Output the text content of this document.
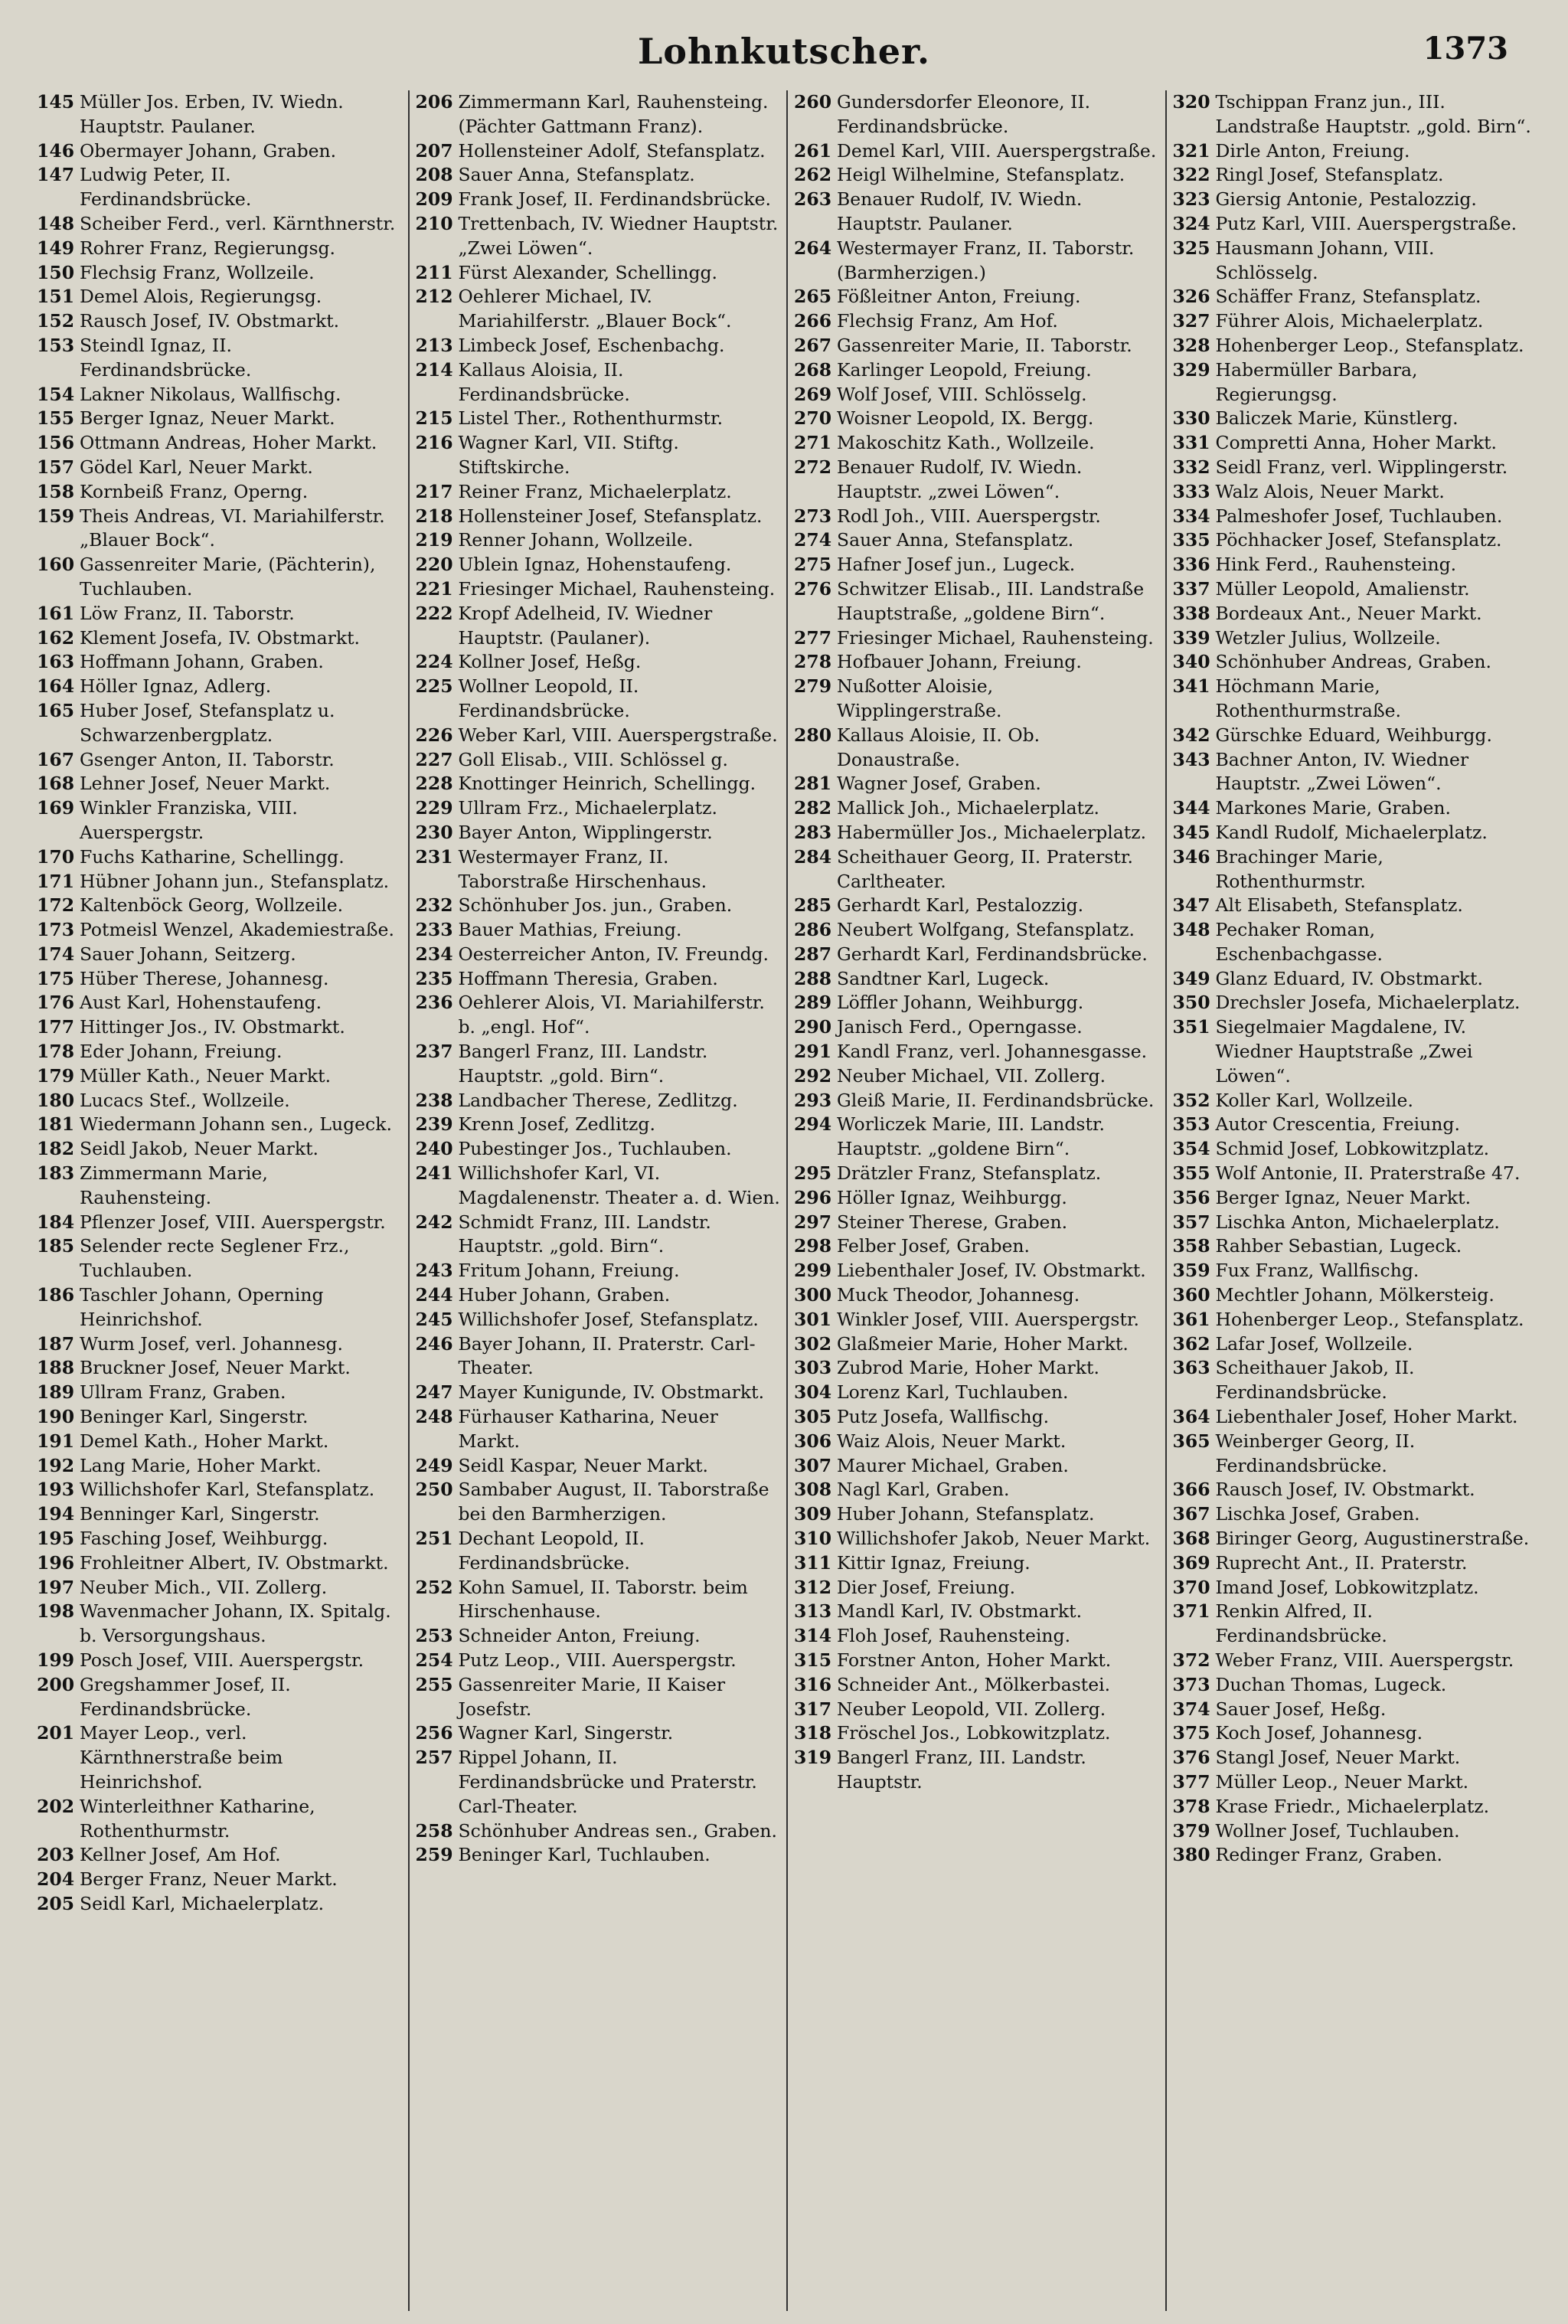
Lohnkutscher.	1373
145 Müller Jos. Erben, IV. Wiedn. Hauptstr. Paulaner.
146 Obermayer Johann, Graben.
147 Ludwig Peter, II. Ferdinandsbrücke.
148 Scheiber Ferd., verl. Kärnthnerstr.
149 Rohrer Franz, Regierungsg.
150 Flechsig Franz, Wollzeile.
151 Demel Alois, Regierungsg.
152 Rausch Josef, IV. Obstmarkt.
153 Steindl Ignaz, II. Ferdinandsbrücke.
154 Lakner Nikolaus, Wallfischg.
155 Berger Ignaz, Neuer Markt.
156 Ottmann Andreas, Hoher Markt.
157 Gödel Karl, Neuer Markt.
158 Kornbeiß Franz, Operng.
159 Theis Andreas, VI. Mariahilferstr. „Blauer Bock“.
160 Gassenreiter Marie, (Pächterin), Tuchlauben.
161 Löw Franz, II. Taborstr.
162 Klement Josefa, IV. Obstmarkt.
163 Hoffmann Johann, Graben.
164 Höller Ignaz, Adlerg.
165 Huber Josef, Stefansplatz u. Schwarzenbergplatz.
167 Gsenger Anton, II. Taborstr.
168 Lehner Josef, Neuer Markt.
169 Winkler Franziska, VIII. Auerspergstr.
170 Fuchs Katharine, Schellingg.
171 Hübner Johann jun., Stefansplatz.
172 Kaltenböck Georg, Wollzeile.
173 Potmeisl Wenzel, Akademiestraße.
174 Sauer Johann, Seitzerg.
175 Hüber Therese, Johannesg.
176 Aust Karl, Hohenstaufeng.
177 Hittinger Jos., IV. Obstmarkt.
178 Eder Johann, Freiung.
179 Müller Kath., Neuer Markt.
180 Lucacs Stef., Wollzeile.
181 Wiedermann Johann sen., Lugeck.
182 Seidl Jakob, Neuer Markt.
183 Zimmermann Marie, Rauhensteing.
184 Pflenzer Josef, VIII. Auerspergstr.
185 Selender recte Seglener Frz., Tuchlauben.
186 Taschler Johann, Operning Heinrichshof.
187 Wurm Josef, verl. Johannesg.
188 Bruckner Josef, Neuer Markt.
189 Ullram Franz, Graben.
190 Beninger Karl, Singerstr.
191 Demel Kath., Hoher Markt.
192 Lang Marie, Hoher Markt.
193 Willichshofer Karl, Stefansplatz.
194 Benninger Karl, Singerstr.
195 Fasching Josef, Weihburgg.
196 Frohleitner Albert, IV. Obstmarkt.
197 Neuber Mich., VII. Zollerg.
198 Wavenmacher Johann, IX. Spitalg. b. Versorgungshaus.
199 Posch Josef, VIII. Auerspergstr.
200 Gregshammer Josef, II. Ferdinandsbrücke.
201 Mayer Leop., verl. Kärnthnerstraße beim Heinrichshof.
202 Winterleithner Katharine, Rothenthurmstr.
203 Kellner Josef, Am Hof.
204 Berger Franz, Neuer Markt.
205 Seidl Karl, Michaelerplatz.
206 Zimmermann Karl, Rauhensteing. (Pächter Gattmann Franz).
207 Hollensteiner Adolf, Stefansplatz.
208 Sauer Anna, Stefansplatz.
209 Frank Josef, II. Ferdinandsbrücke.
210 Trettenbach, IV. Wiedner Hauptstr. „Zwei Löwen“.
211 Fürst Alexander, Schellingg.
212 Oehlerer Michael, IV. Mariahilferstr. „Blauer Bock“.
213 Limbeck Josef, Eschenbachg.
214 Kallaus Aloisia, II. Ferdinandsbrücke.
215 Listel Ther., Rothenthurmstr.
216 Wagner Karl, VII. Stiftg. Stiftskirche.
217 Reiner Franz, Michaelerplatz.
218 Hollensteiner Josef, Stefansplatz.
219 Renner Johann, Wollzeile.
220 Ublein Ignaz, Hohenstaufeng.
221 Friesinger Michael, Rauhensteing.
222 Kropf Adelheid, IV. Wiedner Hauptstr. (Paulaner).
224 Kollner Josef, Heßg.
225 Wollner Leopold, II. Ferdinandsbrücke.
226 Weber Karl, VIII. Auerspergstraße.
227 Goll Elisab., VIII. Schlössel g.
228 Knottinger Heinrich, Schellingg.
229 Ullram Frz., Michaelerplatz.
230 Bayer Anton, Wipplingerstr.
231 Westermayer Franz, II. Taborstraße Hirschenhaus.
232 Schönhuber Jos. jun., Graben.
233 Bauer Mathias, Freiung.
234 Oesterreicher Anton, IV. Freundg.
235 Hoffmann Theresia, Graben.
236 Oehlerer Alois, VI. Mariahilferstr. b. „engl. Hof“.
237 Bangerl Franz, III. Landstr. Hauptstr. „gold. Birn“.
238 Landbacher Therese, Zedlitzg.
239 Krenn Josef, Zedlitzg.
240 Pubestinger Jos., Tuchlauben.
241 Willichshofer Karl, VI. Magdalenenstr. Theater a. d. Wien.
242 Schmidt Franz, III. Landstr. Hauptstr. „gold. Birn“.
243 Fritum Johann, Freiung.
244 Huber Johann, Graben.
245 Willichshofer Josef, Stefansplatz.
246 Bayer Johann, II. Praterstr. Carl-Theater.
247 Mayer Kunigunde, IV. Obstmarkt.
248 Fürhauser Katharina, Neuer Markt.
249 Seidl Kaspar, Neuer Markt.
250 Sambaber August, II. Taborstraße bei den Barmherzigen.
251 Dechant Leopold, II. Ferdinandsbrücke.
252 Kohn Samuel, II. Taborstr. beim Hirschenhause.
253 Schneider Anton, Freiung.
254 Putz Leop., VIII. Auerspergstr.
255 Gassenreiter Marie, II Kaiser Josefstr.
256 Wagner Karl, Singerstr.
257 Rippel Johann, II. Ferdinandsbrücke und Praterstr. Carl-Theater.
258 Schönhuber Andreas sen., Graben.
259 Beninger Karl, Tuchlauben.
260 Gundersdorfer Eleonore, II. Ferdinandsbrücke.
261 Demel Karl, VIII. Auerspergstraße.
262 Heigl Wilhelmine, Stefansplatz.
263 Benauer Rudolf, IV. Wiedn. Hauptstr. Paulaner.
264 Westermayer Franz, II. Taborstr. (Barmherzigen.)
265 Fößleitner Anton, Freiung.
266 Flechsig Franz, Am Hof.
267 Gassenreiter Marie, II. Taborstr.
268 Karlinger Leopold, Freiung.
269 Wolf Josef, VIII. Schlösselg.
270 Woisner Leopold, IX. Bergg.
271 Makoschitz Kath., Wollzeile.
272 Benauer Rudolf, IV. Wiedn. Hauptstr. „zwei Löwen“.
273 Rodl Joh., VIII. Auerspergstr.
274 Sauer Anna, Stefansplatz.
275 Hafner Josef jun., Lugeck.
276 Schwitzer Elisab., III. Landstraße Hauptstraße, „goldene Birn“.
277 Friesinger Michael, Rauhensteing.
278 Hofbauer Johann, Freiung.
279 Nußotter Aloisie, Wipplingerstraße.
280 Kallaus Aloisie, II. Ob. Donaustraße.
281 Wagner Josef, Graben.
282 Mallick Joh., Michaelerplatz.
283 Habermüller Jos., Michaelerplatz.
284 Scheithauer Georg, II. Praterstr. Carltheater.
285 Gerhardt Karl, Pestalozzig.
286 Neubert Wolfgang, Stefansplatz.
287 Gerhardt Karl, Ferdinandsbrücke.
288 Sandtner Karl, Lugeck.
289 Löffler Johann, Weihburgg.
290 Janisch Ferd., Operngasse.
291 Kandl Franz, verl. Johannesgasse.
292 Neuber Michael, VII. Zollerg.
293 Gleiß Marie, II. Ferdinandsbrücke.
294 Worliczek Marie, III. Landstr. Hauptstr. „goldene Birn“.
295 Drätzler Franz, Stefansplatz.
296 Höller Ignaz, Weihburgg.
297 Steiner Therese, Graben.
298 Felber Josef, Graben.
299 Liebenthaler Josef, IV. Obstmarkt.
300 Muck Theodor, Johannesg.
301 Winkler Josef, VIII. Auerspergstr.
302 Glaßmeier Marie, Hoher Markt.
303 Zubrod Marie, Hoher Markt.
304 Lorenz Karl, Tuchlauben.
305 Putz Josefa, Wallfischg.
306 Waiz Alois, Neuer Markt.
307 Maurer Michael, Graben.
308 Nagl Karl, Graben.
309 Huber Johann, Stefansplatz.
310 Willichshofer Jakob, Neuer Markt.
311 Kittir Ignaz, Freiung.
312 Dier Josef, Freiung.
313 Mandl Karl, IV. Obstmarkt.
314 Floh Josef, Rauhensteing.
315 Forstner Anton, Hoher Markt.
316 Schneider Ant., Mölkerbastei.
317 Neuber Leopold, VII. Zollerg.
318 Fröschel Jos., Lobkowitzplatz.
319 Bangerl Franz, III. Landstr. Hauptstr.
320 Tschippan Franz jun., III. Landstraße Hauptstr. „gold. Birn“.
321 Dirle Anton, Freiung.
322 Ringl Josef, Stefansplatz.
323 Giersig Antonie, Pestalozzig.
324 Putz Karl, VIII. Auerspergstraße.
325 Hausmann Johann, VIII. Schlösselg.
326 Schäffer Franz, Stefansplatz.
327 Führer Alois, Michaelerplatz.
328 Hohenberger Leop., Stefansplatz.
329 Habermüller Barbara, Regierungsg.
330 Baliczek Marie, Künstlerg.
331 Compretti Anna, Hoher Markt.
332 Seidl Franz, verl. Wipplingerstr.
333 Walz Alois, Neuer Markt.
334 Palmeshofer Josef, Tuchlauben.
335 Pöchhacker Josef, Stefansplatz.
336 Hink Ferd., Rauhensteing.
337 Müller Leopold, Amalienstr.
338 Bordeaux Ant., Neuer Markt.
339 Wetzler Julius, Wollzeile.
340 Schönhuber Andreas, Graben.
341 Höchmann Marie, Rothenthurmstraße.
342 Gürschke Eduard, Weihburgg.
343 Bachner Anton, IV. Wiedner Hauptstr. „Zwei Löwen“.
344 Markones Marie, Graben.
345 Kandl Rudolf, Michaelerplatz.
346 Brachinger Marie, Rothenthurmstr.
347 Alt Elisabeth, Stefansplatz.
348 Pechaker Roman, Eschenbachgasse.
349 Glanz Eduard, IV. Obstmarkt.
350 Drechsler Josefa, Michaelerplatz.
351 Siegelmaier Magdalene, IV. Wiedner Hauptstraße „Zwei Löwen“.
352 Koller Karl, Wollzeile.
353 Autor Crescentia, Freiung.
354 Schmid Josef, Lobkowitzplatz.
355 Wolf Antonie, II. Praterstraße 47.
356 Berger Ignaz, Neuer Markt.
357 Lischka Anton, Michaelerplatz.
358 Rahber Sebastian, Lugeck.
359 Fux Franz, Wallfischg.
360 Mechtler Johann, Mölkersteig.
361 Hohenberger Leop., Stefansplatz.
362 Lafar Josef, Wollzeile.
363 Scheithauer Jakob, II. Ferdinandsbrücke.
364 Liebenthaler Josef, Hoher Markt.
365 Weinberger Georg, II. Ferdinandsbrücke.
366 Rausch Josef, IV. Obstmarkt.
367 Lischka Josef, Graben.
368 Biringer Georg, Augustinerstraße.
369 Ruprecht Ant., II. Praterstr.
370 Imand Josef, Lobkowitzplatz.
371 Renkin Alfred, II. Ferdinandsbrücke.
372 Weber Franz, VIII. Auerspergstr.
373 Duchan Thomas, Lugeck.
374 Sauer Josef, Heßg.
375 Koch Josef, Johannesg.
376 Stangl Josef, Neuer Markt.
377 Müller Leop., Neuer Markt.
378 Krase Friedr., Michaelerplatz.
379 Wollner Josef, Tuchlauben.
380 Redinger Franz, Graben.
